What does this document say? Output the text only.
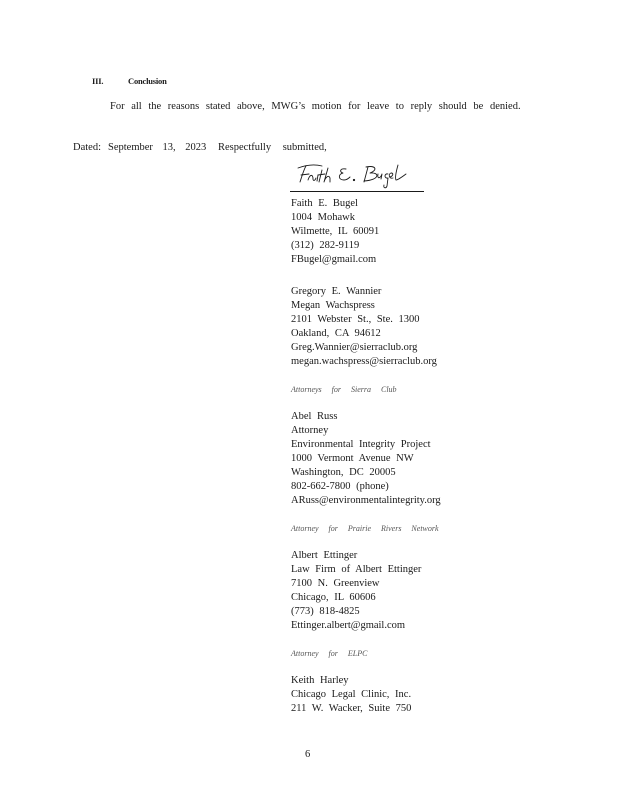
III.	Conclusion
For all the reasons stated above, MWG’s motion for leave to reply should be denied.
Dated: September 13, 2023 Respectfully submitted,
Faith E. Bugel
1004 Mohawk
Wilmette, IL 60091
(312) 282-9119
FBugel@gmail.com
Gregory E. Wannier
Megan Wachspress
2101 Webster St., Ste. 1300
Oakland, CA 94612
Greg.Wannier@sierraclub.org
megan.wachspress@sierraclub.org
Attorneys for Sierra Club
Abel Russ
Attorney
Environmental Integrity Project
1000 Vermont Avenue NW
Washington, DC 20005
802-662-7800 (phone)
ARuss@environmentalintegrity.org
Attorney for Prairie Rivers Network
Albert Ettinger
Law Firm of Albert Ettinger
7100 N. Greenview
Chicago, IL 60606
(773) 818-4825
Ettinger.albert@gmail.com
Attorney for ELPC
Keith Harley
Chicago Legal Clinic, Inc.
211 W. Wacker, Suite 750
6
